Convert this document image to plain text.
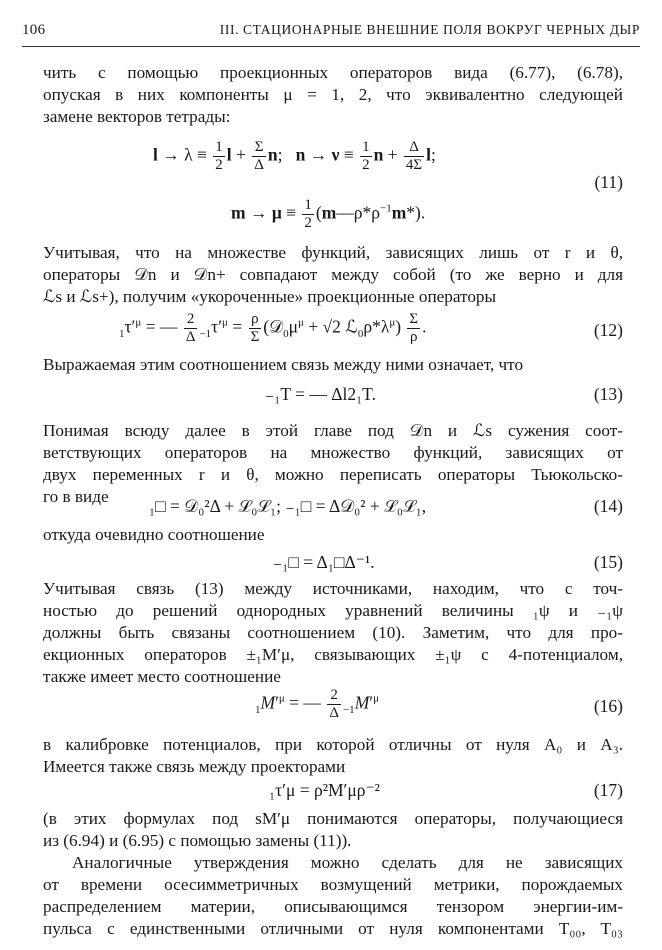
106	III. СТАЦИОНАРНЫЕ ВНЕШНИЕ ПОЛЯ ВОКРУГ ЧЕРНЫХ ДЫР
чить с помощью проекционных операторов вида (6.77), (6.78),
опуская в них компоненты μ = 1, 2, что эквивалентно следующей
замене векторов тетрады:
$l \to \lambda \equiv \frac{1}{2}$ $l + \frac{\Sigma}{\Delta} n$;   $n \to \nu \equiv \frac{1}{2}$ $n + \frac{\Delta}{4\Sigma} l$;
(11)
$m \to \mu \equiv \frac{1}{2}$ $(m—\rho*\rho^{-1}m*)$.
Учитывая, что на множестве функций, зависящих лишь от r и θ,
операторы 𝒟n и 𝒟n+ совпадают между собой (то же верно и для
ℒs и ℒs+), получим «укороченные» проекционные операторы
$_1\tau'^\mu$ = — $\frac{2}{\Delta} _{-1}\tau'^\mu = \frac{\rho}{\Sigma}$ ($𝒟_0\mu^\mu + √2$ $ℒ_0\rho*\lambda^\mu) \frac{\Sigma}{\rho}$ .	(12)
Выражаемая этим соотношением связь между ними означает, что
₋₁T = — Δl2₁T.	(13)
Понимая всюду далее в этой главе под 𝒟n и ℒs сужения соот-
ветствующих операторов на множество функций, зависящих от
двух переменных r и θ, можно переписать операторы Тьюкольско-
го в виде	₁□ = 𝒟₀²Δ + ℒ₀ℒ₁; ₋₁□ = Δ𝒟₀² + ℒ₀ℒ₁,	(14)
откуда очевидно соотношение
₋₁□ = Δ₁□Δ⁻¹.	(15)
Учитывая связь (13) между источниками, находим, что с точ-
ностью до решений однородных уравнений величины ₁ψ и ₋₁ψ
должны быть связаны соотношением (10). Заметим, что для про-
екционных операторов ±₁M′μ, связывающих ±₁ψ с 4-потенциалом,
также имеет место соотношение
$_1M'^\mu$ = — $\frac{2}{\Delta} _{-1}M'^\mu$	(16)
в калибровке потенциалов, при которой отличны от нуля A₀ и A₃.
Имеется также связь между проекторами
₁τ′μ = ρ²M′μρ⁻²	(17)
(в этих формулах под sM′μ понимаются операторы, получающиеся
из (6.94) и (6.95) с помощью замены (11)).
Аналогичные утверждения можно сделать для не зависящих
от времени осесимметричных возмущений метрики, порождаемых
распределением материи, описывающимся тензором энергии-им-
пульса с единственными отличными от нуля компонентами T₀₀, T₀₃
